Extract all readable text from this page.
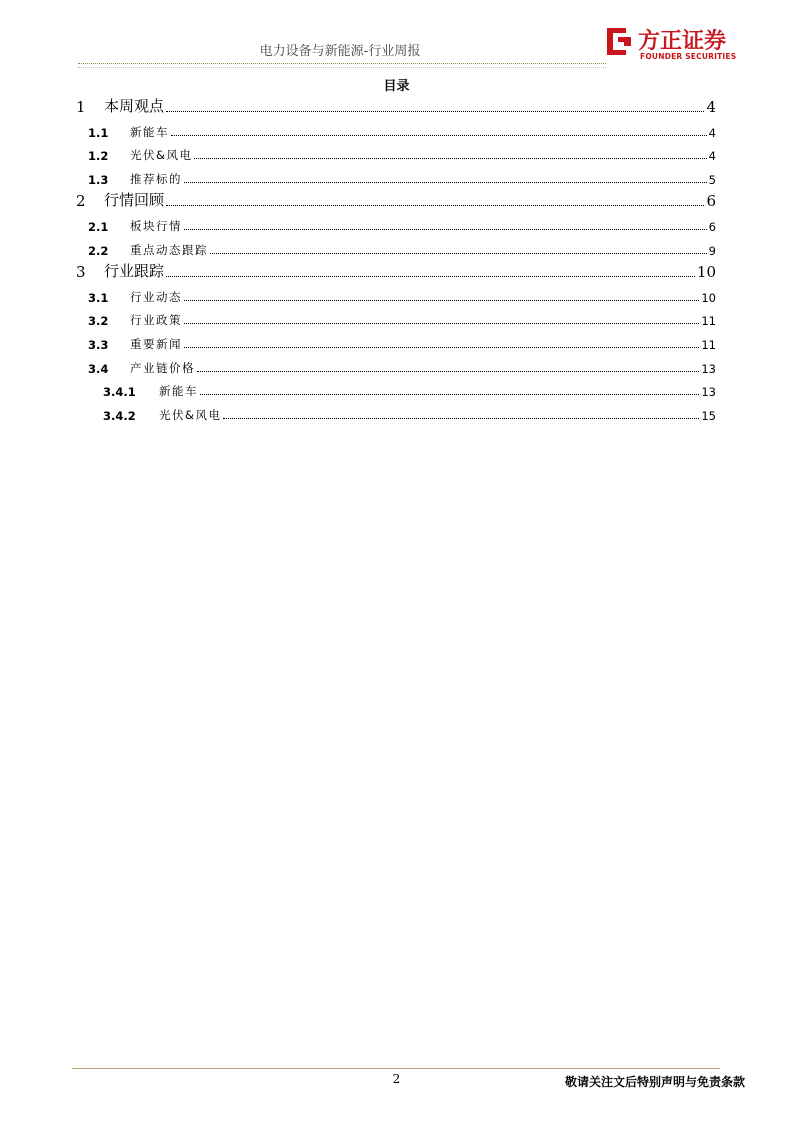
电力设备与新能源-行业周报	方正证券
FOUNDER SECURITIES
目录
1	本周观点	4
1.1	新能车	4
1.2	光伏&风电	4
1.3	推荐标的	5
2	行情回顾	6
2.1	板块行情	6
2.2	重点动态跟踪	9
3	行业跟踪	10
3.1	行业动态	10
3.2	行业政策	11
3.3	重要新闻	11
3.4	产业链价格	13
3.4.1	新能车	13
3.4.2	光伏&风电	15
2	敬请关注文后特别声明与免责条款
